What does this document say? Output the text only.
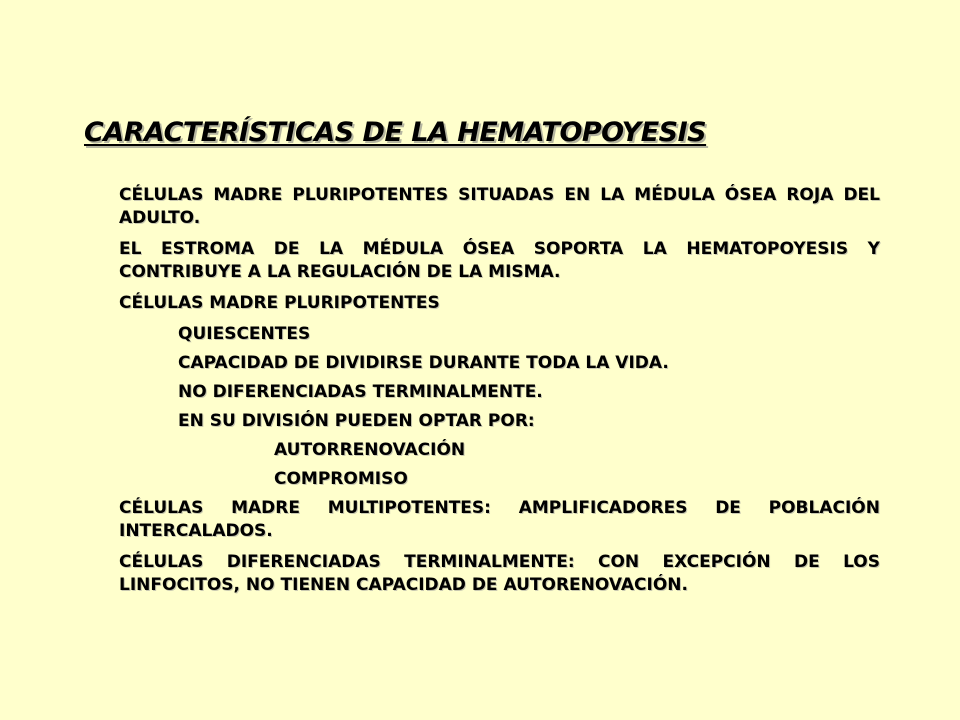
CARACTERÍSTICAS DE LA HEMATOPOYESIS
CÉLULAS MADRE PLURIPOTENTES SITUADAS EN LA MÉDULA ÓSEA ROJA DEL ADULTO.
EL ESTROMA DE LA MÉDULA ÓSEA SOPORTA LA HEMATOPOYESIS Y CONTRIBUYE A LA REGULACIÓN DE LA MISMA.
CÉLULAS MADRE PLURIPOTENTES
QUIESCENTES
CAPACIDAD DE DIVIDIRSE DURANTE TODA LA VIDA.
NO DIFERENCIADAS TERMINALMENTE.
EN SU DIVISIÓN PUEDEN OPTAR POR:
AUTORRENOVACIÓN
COMPROMISO
CÉLULAS MADRE MULTIPOTENTES: AMPLIFICADORES DE POBLACIÓN INTERCALADOS.
CÉLULAS DIFERENCIADAS TERMINALMENTE: CON EXCEPCIÓN DE LOS LINFOCITOS, NO TIENEN CAPACIDAD DE AUTORENOVACIÓN.
